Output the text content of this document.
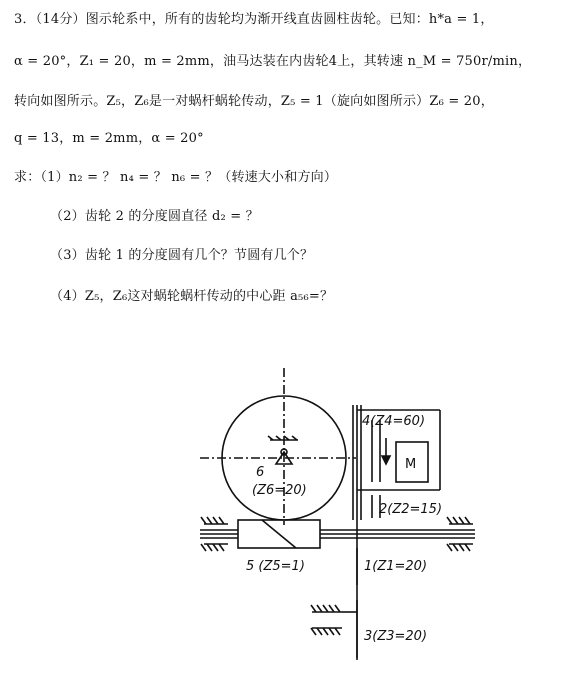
3．（14分）图示轮系中，所有的齿轮均为渐开线直齿圆柱齿轮。已知：h*a = 1，
α = 20°，Z₁ = 20，m = 2mm，油马达装在内齿轮4上，其转速 n_M = 750r/min，
转向如图所示。Z₅，Z₆是一对蜗杆蜗轮传动，Z₅ = 1（旋向如图所示）Z₆ = 20，
q = 13，m = 2mm，α = 20°
求：（1）n₂ = ？ n₄ = ？ n₆ = ？（转速大小和方向）
（2）齿轮 2 的分度圆直径 d₂ = ？
（3）齿轮 1 的分度圆有几个？节圆有几个？
（4）Z₅，Z₆这对蜗轮蜗杆传动的中心距 a₅₆=？
6
(Z6=20)
5 (Z5=1)
4(Z4=60)
2(Z2=15)
1(Z1=20)
3(Z3=20)
M
